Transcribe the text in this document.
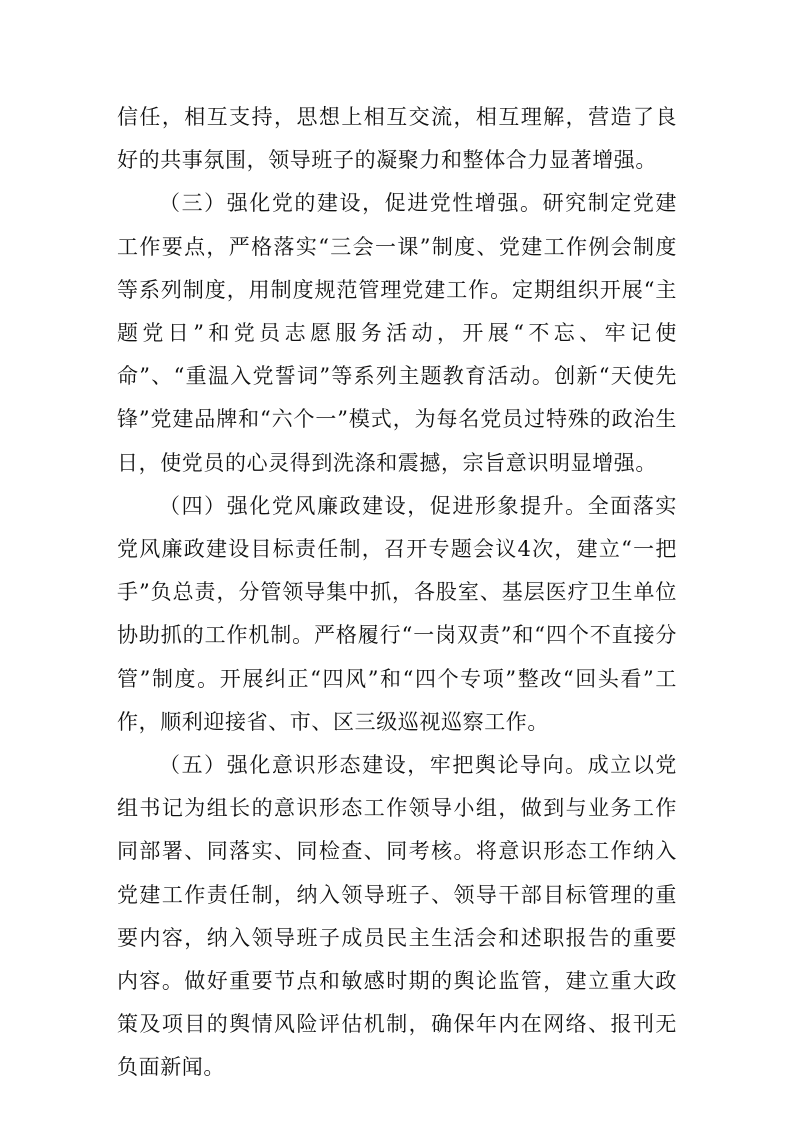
信任，相互支持，思想上相互交流，相互理解，营造了良好的共事氛围，领导班子的凝聚力和整体合力显著增强。

（三）强化党的建设，促进党性增强。研究制定党建工作要点，严格落实“三会一课”制度、党建工作例会制度等系列制度，用制度规范管理党建工作。定期组织开展“主题党日”和党员志愿服务活动，开展“不忘、牢记使命”、“重温入党誓词”等系列主题教育活动。创新“天使先锋”党建品牌和“六个一”模式，为每名党员过特殊的政治生日，使党员的心灵得到洗涤和震撼，宗旨意识明显增强。

（四）强化党风廉政建设，促进形象提升。全面落实党风廉政建设目标责任制，召开专题会议4次，建立“一把手”负总责，分管领导集中抓，各股室、基层医疗卫生单位协助抓的工作机制。严格履行“一岗双责”和“四个不直接分管”制度。开展纠正“四风”和“四个专项”整改“回头看”工作，顺利迎接省、市、区三级巡视巡察工作。

（五）强化意识形态建设，牢把舆论导向。成立以党组书记为组长的意识形态工作领导小组，做到与业务工作同部署、同落实、同检查、同考核。将意识形态工作纳入党建工作责任制，纳入领导班子、领导干部目标管理的重要内容，纳入领导班子成员民主生活会和述职报告的重要内容。做好重要节点和敏感时期的舆论监管，建立重大政策及项目的舆情风险评估机制，确保年内在网络、报刊无负面新闻。
